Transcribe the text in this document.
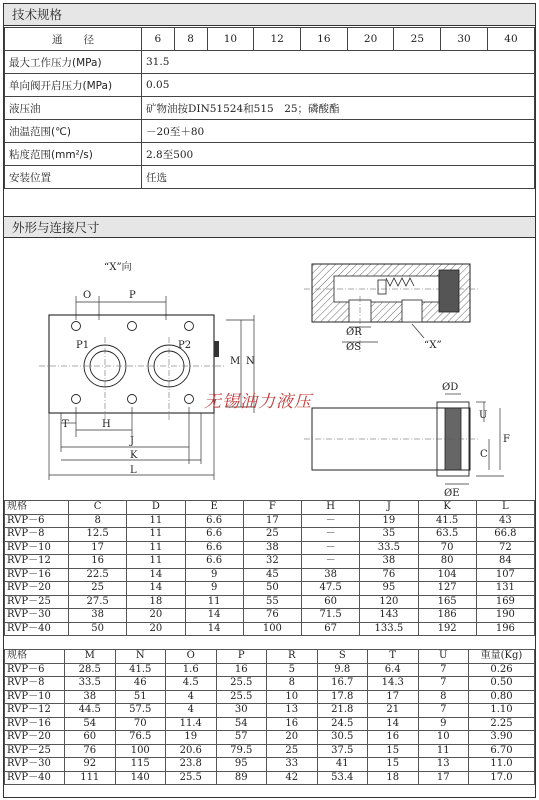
技术规格
通　　径	6	8	10	12	16	20	25	30	40
最大工作压力(MPa)	31.5								
单向阀开启压力(MPa)	0.05								
液压油	矿物油按DIN51524和515　25；磷酸酯								
油温范围(℃)	－20至＋80								
粘度范围(mm²/s)	2.8至500								
安装位置	任选								
外形与连接尺寸
“X”向
O	P
P1	P2
M N
T	H
J
K
L
ØR
ØS	“X”
ØD
ØE
U
F
C
无锡油力液压
规格	C	D	E	F	H	J	K	L
RVP－6	8	11	6.6	17	－	19	41.5	43
RVP－8	12.5	11	6.6	25	－	35	63.5	66.8
RVP－10	17	11	6.6	38	－	33.5	70	72
RVP－12	16	11	6.6	32	－	38	80	84
RVP－16	22.5	14	9	45	38	76	104	107
RVP－20	25	14	9	50	47.5	95	127	131
RVP－25	27.5	18	11	55	60	120	165	169
RVP－30	38	20	14	76	71.5	143	186	190
RVP－40	50	20	14	100	67	133.5	192	196
规格	M	N	O	P	R	S	T	U	重量(Kg)
RVP－6	28.5	41.5	1.6	16	5	9.8	6.4	7	0.26
RVP－8	33.5	46	4.5	25.5	8	16.7	14.3	7	0.50
RVP－10	38	51	4	25.5	10	17.8	17	8	0.80
RVP－12	44.5	57.5	4	30	13	21.8	21	7	1.10
RVP－16	54	70	11.4	54	16	24.5	14	9	2.25
RVP－20	60	76.5	19	57	20	30.5	16	10	3.90
RVP－25	76	100	20.6	79.5	25	37.5	15	11	6.70
RVP－30	92	115	23.8	95	33	41	15	13	11.0
RVP－40	111	140	25.5	89	42	53.4	18	17	17.0
